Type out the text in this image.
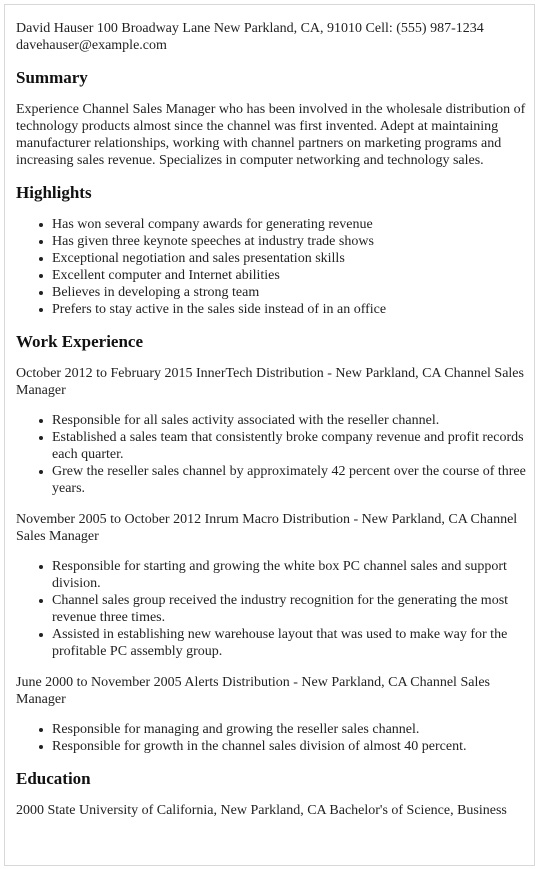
David Hauser 100 Broadway Lane New Parkland, CA, 91010 Cell: (555) 987-1234

davehauser@example.com

Summary

Experience Channel Sales Manager who has been involved in the wholesale distribution of technology products almost since the channel was first invented. Adept at maintaining manufacturer relationships, working with channel partners on marketing programs and increasing sales revenue. Specializes in computer networking and technology sales.

Highlights
Has won several company awards for generating revenue
Has given three keynote speeches at industry trade shows
Exceptional negotiation and sales presentation skills
Excellent computer and Internet abilities
Believes in developing a strong team
Prefers to stay active in the sales side instead of in an office
Work Experience

October 2012 to February 2015 InnerTech Distribution - New Parkland, CA Channel Sales Manager

Responsible for all sales activity associated with the reseller channel.
Established a sales team that consistently broke company revenue and profit records each quarter.
Grew the reseller sales channel by approximately 42 percent over the course of three years.

November 2005 to October 2012 Inrum Macro Distribution - New Parkland, CA Channel Sales Manager

Responsible for starting and growing the white box PC channel sales and support division.
Channel sales group received the industry recognition for the generating the most revenue three times.
Assisted in establishing new warehouse layout that was used to make way for the profitable PC assembly group.

June 2000 to November 2005 Alerts Distribution - New Parkland, CA Channel Sales Manager

Responsible for managing and growing the reseller sales channel.
Responsible for growth in the channel sales division of almost 40 percent.
Education

2000 State University of California, New Parkland, CA Bachelor's of Science, Business
